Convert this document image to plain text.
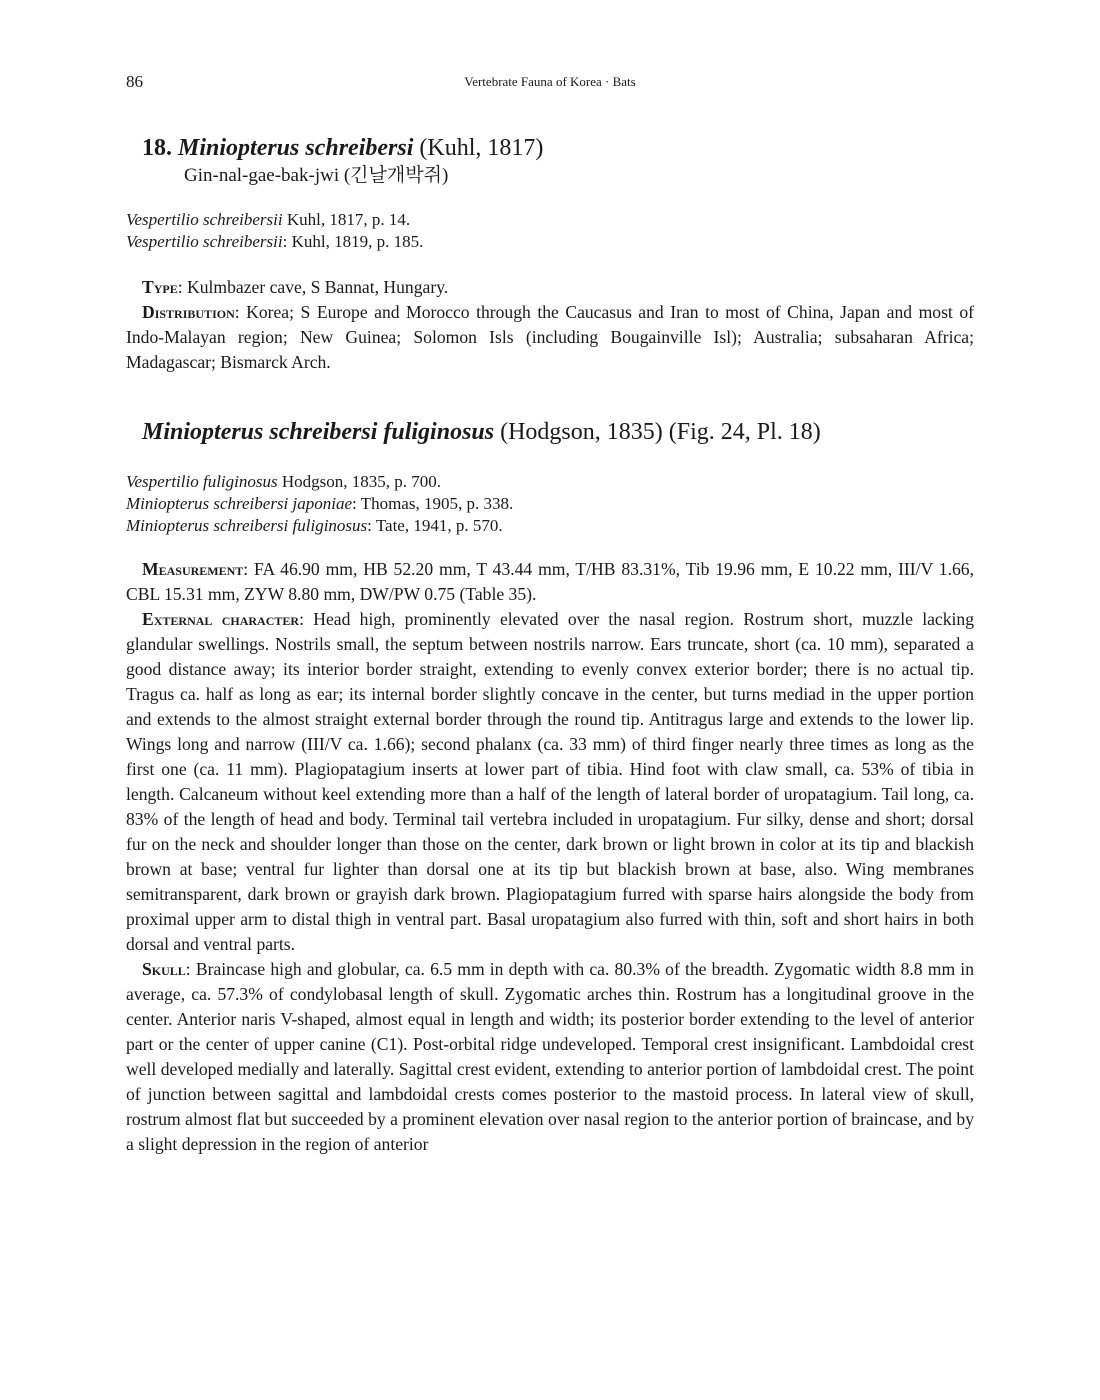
86	Vertebrate Fauna of Korea · Bats
18. Miniopterus schreibersi (Kuhl, 1817)
Gin-nal-gae-bak-jwi (긴날개박쥐)
Vespertilio schreibersii Kuhl, 1817, p. 14.
Vespertilio schreibersii: Kuhl, 1819, p. 185.

Type: Kulmbazer cave, S Bannat, Hungary.

Distribution: Korea; S Europe and Morocco through the Caucasus and Iran to most of China, Japan and most of Indo-Malayan region; New Guinea; Solomon Isls (including Bougainville Isl); Australia; subsaharan Africa; Madagascar; Bismarck Arch.

Miniopterus schreibersi fuliginosus (Hodgson, 1835) (Fig. 24, Pl. 18)
Vespertilio fuliginosus Hodgson, 1835, p. 700.
Miniopterus schreibersi japoniae: Thomas, 1905, p. 338.
Miniopterus schreibersi fuliginosus: Tate, 1941, p. 570.

Measurement: FA 46.90 mm, HB 52.20 mm, T 43.44 mm, T/HB 83.31%, Tib 19.96 mm, E 10.22 mm, III/V 1.66, CBL 15.31 mm, ZYW 8.80 mm, DW/PW 0.75 (Table 35).

External character: Head high, prominently elevated over the nasal region. Rostrum short, muzzle lacking glandular swellings. Nostrils small, the septum between nostrils narrow. Ears truncate, short (ca. 10 mm), separated a good distance away; its interior border straight, extending to evenly convex exterior border; there is no actual tip. Tragus ca. half as long as ear; its internal border slightly concave in the center, but turns mediad in the upper portion and extends to the almost straight external border through the round tip. Antitragus large and extends to the lower lip. Wings long and narrow (III/V ca. 1.66); second phalanx (ca. 33 mm) of third finger nearly three times as long as the first one (ca. 11 mm). Plagiopatagium inserts at lower part of tibia. Hind foot with claw small, ca. 53% of tibia in length. Calcaneum without keel extending more than a half of the length of lateral border of uropatagium. Tail long, ca. 83% of the length of head and body. Terminal tail vertebra included in uropatagium. Fur silky, dense and short; dorsal fur on the neck and shoulder longer than those on the center, dark brown or light brown in color at its tip and blackish brown at base; ventral fur lighter than dorsal one at its tip but blackish brown at base, also. Wing membranes semitransparent, dark brown or grayish dark brown. Plagiopatagium furred with sparse hairs alongside the body from proximal upper arm to distal thigh in ventral part. Basal uropatagium also furred with thin, soft and short hairs in both dorsal and ventral parts.

Skull: Braincase high and globular, ca. 6.5 mm in depth with ca. 80.3% of the breadth. Zygomatic width 8.8 mm in average, ca. 57.3% of condylobasal length of skull. Zygomatic arches thin. Rostrum has a longitudinal groove in the center. Anterior naris V-shaped, almost equal in length and width; its posterior border extending to the level of anterior part or the center of upper canine (C1). Post-orbital ridge undeveloped. Temporal crest insignificant. Lambdoidal crest well developed medially and laterally. Sagittal crest evident, extending to anterior portion of lambdoidal crest. The point of junction between sagittal and lambdoidal crests comes posterior to the mastoid process. In lateral view of skull, rostrum almost flat but succeeded by a prominent elevation over nasal region to the anterior portion of braincase, and by a slight depression in the region of anterior
